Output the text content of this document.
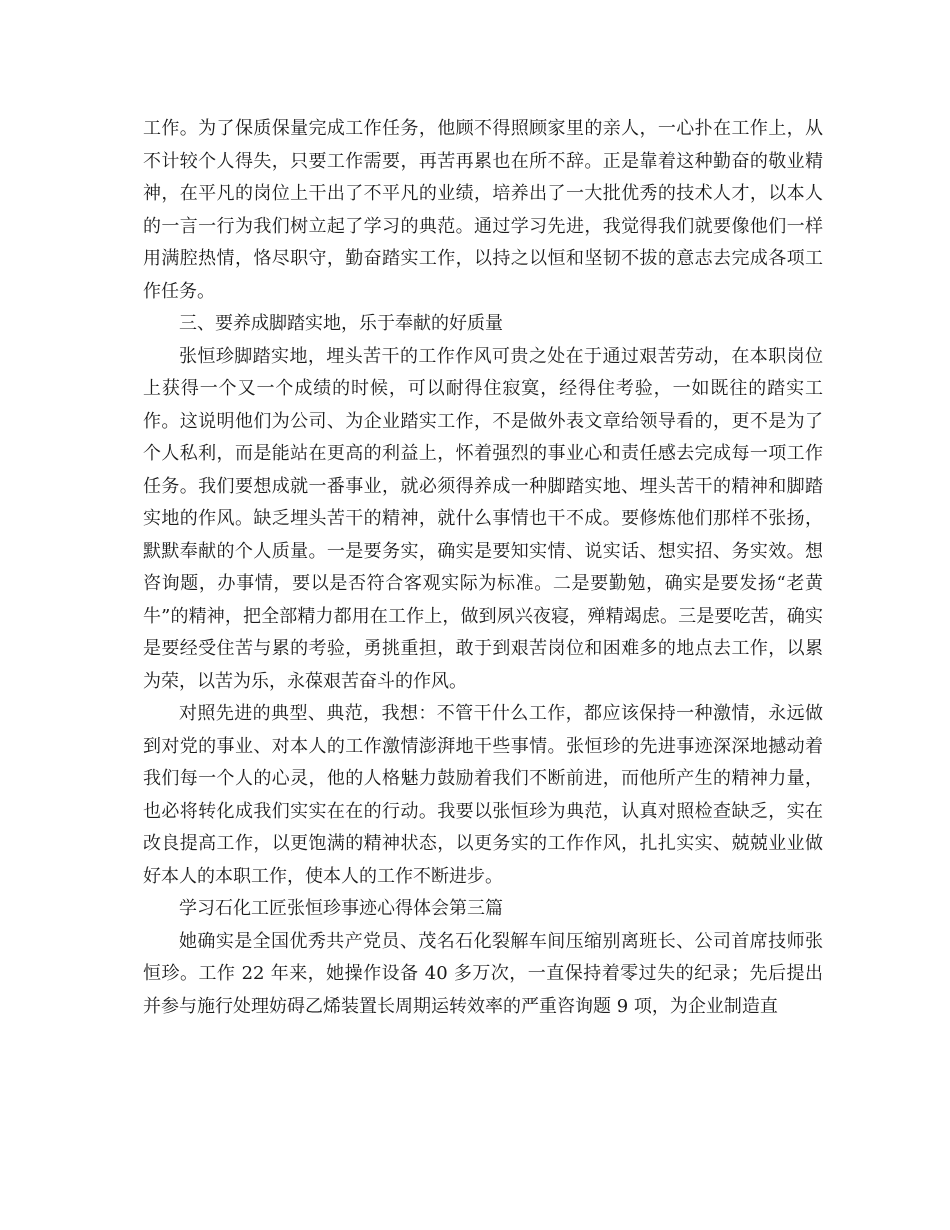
工作。为了保质保量完成工作任务，他顾不得照顾家里的亲人，一心扑在工作上，从不计较个人得失，只要工作需要，再苦再累也在所不辞。正是靠着这种勤奋的敬业精神，在平凡的岗位上干出了不平凡的业绩，培养出了一大批优秀的技术人才，以本人的一言一行为我们树立起了学习的典范。通过学习先进，我觉得我们就要像他们一样用满腔热情，恪尽职守，勤奋踏实工作，以持之以恒和坚韧不拔的意志去完成各项工作任务。

三、要养成脚踏实地，乐于奉献的好质量

张恒珍脚踏实地，埋头苦干的工作作风可贵之处在于通过艰苦劳动，在本职岗位上获得一个又一个成绩的时候，可以耐得住寂寞，经得住考验，一如既往的踏实工作。这说明他们为公司、为企业踏实工作，不是做外表文章给领导看的，更不是为了个人私利，而是能站在更高的利益上，怀着强烈的事业心和责任感去完成每一项工作任务。我们要想成就一番事业，就必须得养成一种脚踏实地、埋头苦干的精神和脚踏实地的作风。缺乏埋头苦干的精神，就什么事情也干不成。要修炼他们那样不张扬，默默奉献的个人质量。一是要务实，确实是要知实情、说实话、想实招、务实效。想咨询题，办事情，要以是否符合客观实际为标准。二是要勤勉，确实是要发扬“老黄牛”的精神，把全部精力都用在工作上，做到夙兴夜寝，殚精竭虑。三是要吃苦，确实是要经受住苦与累的考验，勇挑重担，敢于到艰苦岗位和困难多的地点去工作，以累为荣，以苦为乐，永葆艰苦奋斗的作风。

对照先进的典型、典范，我想：不管干什么工作，都应该保持一种激情，永远做到对党的事业、对本人的工作激情澎湃地干些事情。张恒珍的先进事迹深深地撼动着我们每一个人的心灵，他的人格魅力鼓励着我们不断前进，而他所产生的精神力量，也必将转化成我们实实在在的行动。我要以张恒珍为典范，认真对照检查缺乏，实在改良提高工作，以更饱满的精神状态，以更务实的工作作风，扎扎实实、兢兢业业做好本人的本职工作，使本人的工作不断进步。

学习石化工匠张恒珍事迹心得体会第三篇

她确实是全国优秀共产党员、茂名石化裂解车间压缩别离班长、公司首席技师张恒珍。工作 22 年来，她操作设备 40 多万次，一直保持着零过失的纪录；先后提出并参与施行处理妨碍乙烯装置长周期运转效率的严重咨询题 9 项，为企业制造直
